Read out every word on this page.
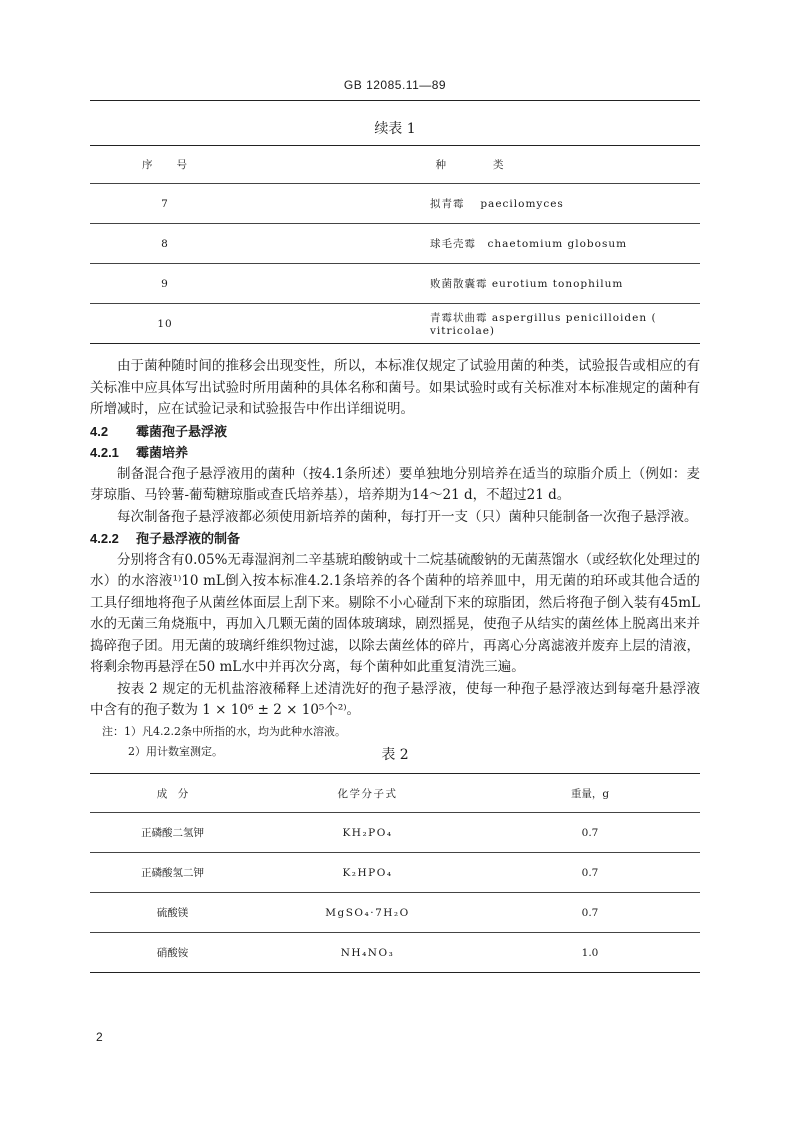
GB 12085.11—89
续表 1
序　　号	种　　　　类
7	拟青霉　 paecilomyces
8	球毛壳霉　chaetomium globosum
9	败菌散囊霉 eurotium tonophilum
10	青霉状曲霉 aspergillus penicilloiden ( vitricolae)

由于菌种随时间的推移会出现变性，所以，本标准仅规定了试验用菌的种类，试验报告或相应的有关标准中应具体写出试验时所用菌种的具体名称和菌号。如果试验时或有关标准对本标准规定的菌种有所增减时，应在试验记录和试验报告中作出详细说明。

4.2 霉菌孢子悬浮液

4.2.1 霉菌培养

制备混合孢子悬浮液用的菌种（按4.1条所述）要单独地分别培养在适当的琼脂介质上（例如：麦芽琼脂、马铃薯-葡萄糖琼脂或查氏培养基），培养期为14～21 d，不超过21 d。

每次制备孢子悬浮液都必须使用新培养的菌种，每打开一支（只）菌种只能制备一次孢子悬浮液。

4.2.2 孢子悬浮液的制备

分别将含有0.05%无毒湿润剂二辛基琥珀酸钠或十二烷基硫酸钠的无菌蒸馏水（或经软化处理过的水）的水溶液¹⁾10 mL倒入按本标准4.2.1条培养的各个菌种的培养皿中，用无菌的珀环或其他合适的工具仔细地将孢子从菌丝体面层上刮下来。剔除不小心碰刮下来的琼脂团，然后将孢子倒入装有45mL水的无菌三角烧瓶中，再加入几颗无菌的固体玻璃球，剧烈摇晃，使孢子从结实的菌丝体上脱离出来并捣碎孢子团。用无菌的玻璃纤维织物过滤，以除去菌丝体的碎片，再离心分离滤液并废弃上层的清液，将剩余物再悬浮在50 mL水中并再次分离，每个菌种如此重复清洗三遍。

按表 2 规定的无机盐溶液稀释上述清洗好的孢子悬浮液，使每一种孢子悬浮液达到每毫升悬浮液中含有的孢子数为 1 × 10⁶ ± 2 × 10⁵个²⁾。

注：1）凡4.2.2条中所指的水，均为此种水溶液。

2）用计数室测定。	表 2
成　分	化学分子式	重量，g
正磷酸二氢钾	KH₂PO₄	0.7
正磷酸氢二钾	K₂HPO₄	0.7
硫酸镁	MgSO₄·7H₂O	0.7
硝酸铵	NH₄NO₃	1.0
2
